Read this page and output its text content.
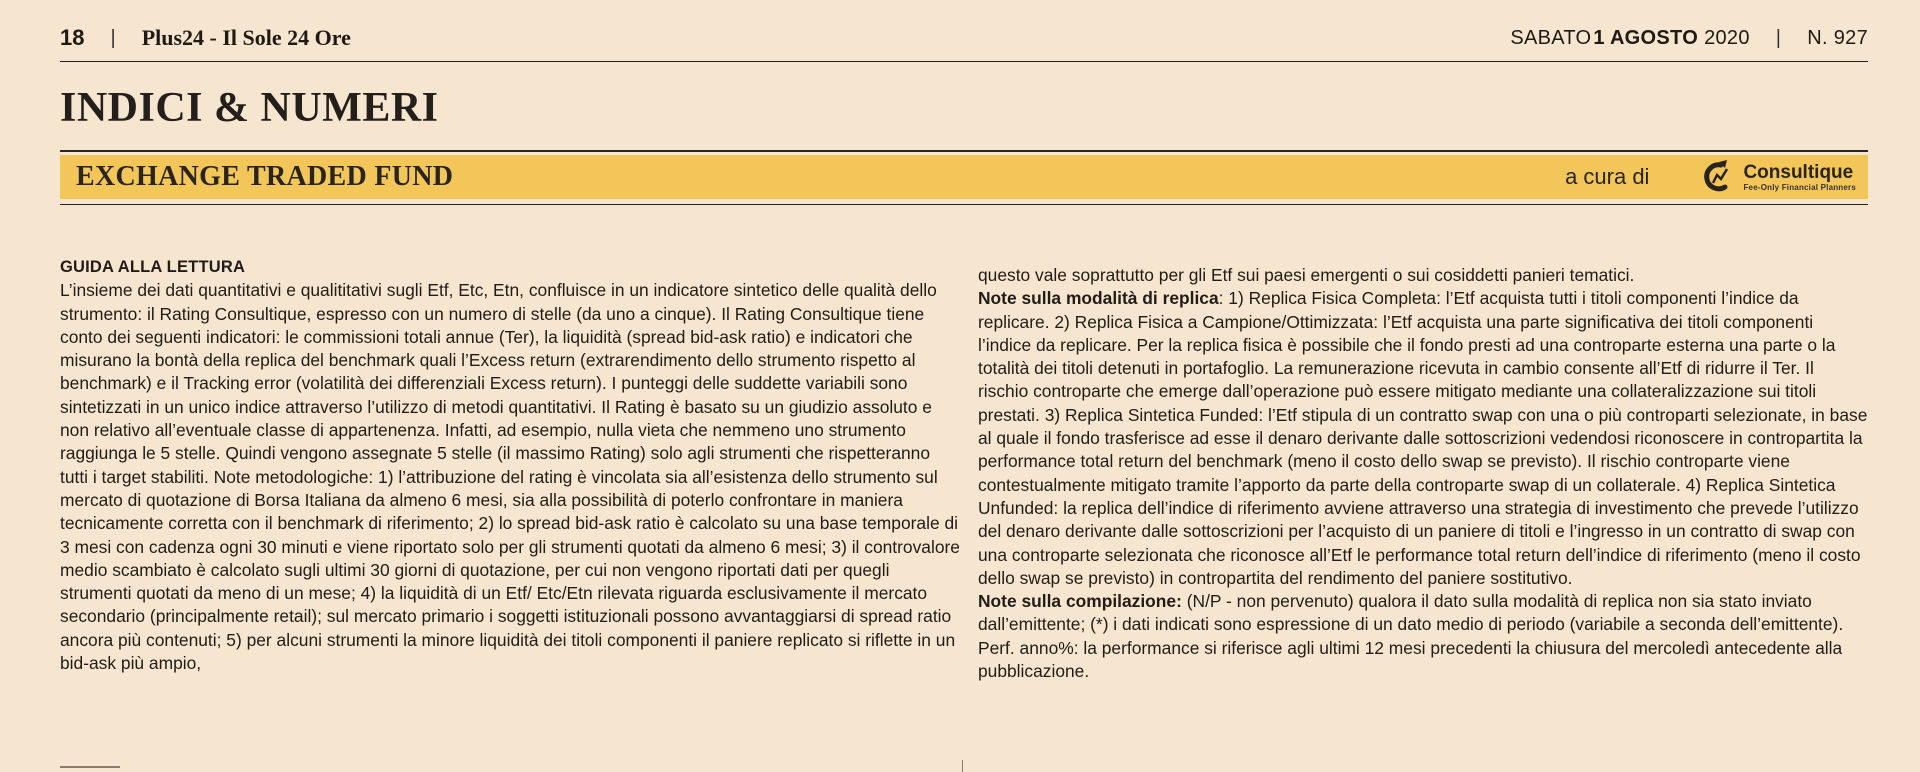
18 | Plus24 - Il Sole 24 Ore	SABATO 1 AGOSTO 2020 | N. 927
INDICI & NUMERI
EXCHANGE TRADED FUND	a cura di	Consultique
Fee-Only Financial Planners

GUIDA ALLA LETTURA

L’insieme dei dati quantitativi e qualititativi sugli Etf, Etc, Etn, confluisce in un indicatore sintetico delle qualità dello strumento: il Rating Consultique, espresso con un numero di stelle (da uno a cinque). Il Rating Consultique tiene conto dei seguenti indicatori: le commissioni totali annue (Ter), la liquidità (spread bid-ask ratio) e indicatori che misurano la bontà della replica del benchmark quali l’Excess return (extrarendimento dello strumento rispetto al benchmark) e il Tracking error (volatilità dei differenziali Excess return). I punteggi delle suddette variabili sono sintetizzati in un unico indice attraverso l’utilizzo di metodi quantitativi. Il Rating è basato su un giudizio assoluto e non relativo all’eventuale classe di appartenenza. Infatti, ad esempio, nulla vieta che nemmeno uno strumento raggiunga le 5 stelle. Quindi vengono assegnate 5 stelle (il massimo Rating) solo agli strumenti che rispetteranno tutti i target stabiliti. Note metodologiche: 1) l’attribuzione del rating è vincolata sia all’esistenza dello strumento sul mercato di quotazione di Borsa Italiana da almeno 6 mesi, sia alla possibilità di poterlo confrontare in maniera tecnicamente corretta con il benchmark di riferimento; 2) lo spread bid-ask ratio è calcolato su una base temporale di 3 mesi con cadenza ogni 30 minuti e viene riportato solo per gli strumenti quotati da almeno 6 mesi; 3) il controvalore medio scambiato è calcolato sugli ultimi 30 giorni di quotazione, per cui non vengono riportati dati per quegli strumenti quotati da meno di un mese; 4) la liquidità di un Etf/ Etc/Etn rilevata riguarda esclusivamente il mercato secondario (principalmente retail); sul mercato primario i soggetti istituzionali possono avvantaggiarsi di spread ratio ancora più contenuti; 5) per alcuni strumenti la minore liquidità dei titoli componenti il paniere replicato si riflette in un bid-ask più ampio,

questo vale soprattutto per gli Etf sui paesi emergenti o sui cosiddetti panieri tematici.

Note sulla modalità di replica: 1) Replica Fisica Completa: l’Etf acquista tutti i titoli componenti l’indice da replicare. 2) Replica Fisica a Campione/Ottimizzata: l’Etf acquista una parte significativa dei titoli componenti l’indice da replicare. Per la replica fisica è possibile che il fondo presti ad una controparte esterna una parte o la totalità dei titoli detenuti in portafoglio. La remunerazione ricevuta in cambio consente all’Etf di ridurre il Ter. Il rischio controparte che emerge dall’operazione può essere mitigato mediante una collateralizzazione sui titoli prestati. 3) Replica Sintetica Funded: l’Etf stipula di un contratto swap con una o più controparti selezionate, in base al quale il fondo trasferisce ad esse il denaro derivante dalle sottoscrizioni vedendosi riconoscere in contropartita la performance total return del benchmark (meno il costo dello swap se previsto). Il rischio controparte viene contestualmente mitigato tramite l’apporto da parte della controparte swap di un collaterale. 4) Replica Sintetica Unfunded: la replica dell’indice di riferimento avviene attraverso una strategia di investimento che prevede l’utilizzo del denaro derivante dalle sottoscrizioni per l’acquisto di un paniere di titoli e l’ingresso in un contratto di swap con una controparte selezionata che riconosce all’Etf le performance total return dell’indice di riferimento (meno il costo dello swap se previsto) in contropartita del rendimento del paniere sostitutivo.

Note sulla compilazione: (N/P - non pervenuto) qualora il dato sulla modalità di replica non sia stato inviato dall’emittente; (*) i dati indicati sono espressione di un dato medio di periodo (variabile a seconda dell’emittente). Perf. anno%: la performance si riferisce agli ultimi 12 mesi precedenti la chiusura del mercoledì antecedente alla pubblicazione.
